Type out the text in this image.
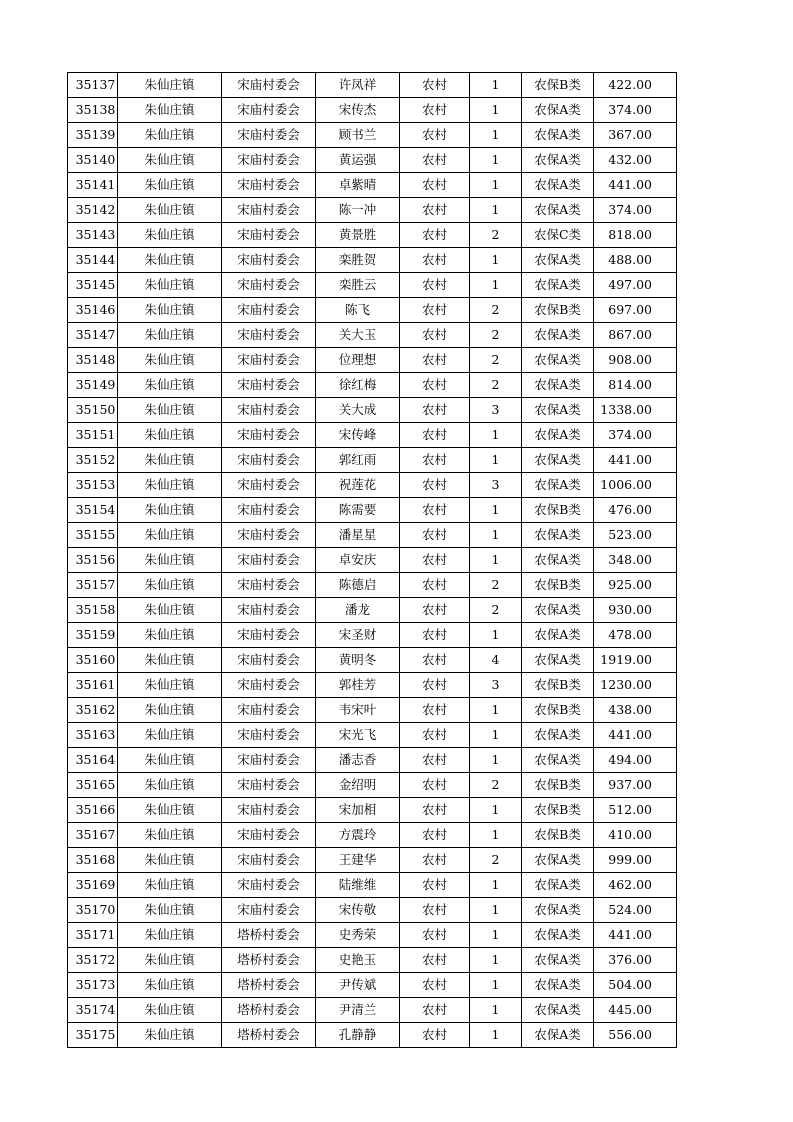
35137	朱仙庄镇	宋庙村委会	许凤祥	农村	1	农保B类	422.00
35138	朱仙庄镇	宋庙村委会	宋传杰	农村	1	农保A类	374.00
35139	朱仙庄镇	宋庙村委会	顾书兰	农村	1	农保A类	367.00
35140	朱仙庄镇	宋庙村委会	黄运强	农村	1	农保A类	432.00
35141	朱仙庄镇	宋庙村委会	卓紫晴	农村	1	农保A类	441.00
35142	朱仙庄镇	宋庙村委会	陈一冲	农村	1	农保A类	374.00
35143	朱仙庄镇	宋庙村委会	黄景胜	农村	2	农保C类	818.00
35144	朱仙庄镇	宋庙村委会	栾胜贺	农村	1	农保A类	488.00
35145	朱仙庄镇	宋庙村委会	栾胜云	农村	1	农保A类	497.00
35146	朱仙庄镇	宋庙村委会	陈飞	农村	2	农保B类	697.00
35147	朱仙庄镇	宋庙村委会	关大玉	农村	2	农保A类	867.00
35148	朱仙庄镇	宋庙村委会	位理想	农村	2	农保A类	908.00
35149	朱仙庄镇	宋庙村委会	徐红梅	农村	2	农保A类	814.00
35150	朱仙庄镇	宋庙村委会	关大成	农村	3	农保A类	1338.00
35151	朱仙庄镇	宋庙村委会	宋传峰	农村	1	农保A类	374.00
35152	朱仙庄镇	宋庙村委会	郭红雨	农村	1	农保A类	441.00
35153	朱仙庄镇	宋庙村委会	祝莲花	农村	3	农保A类	1006.00
35154	朱仙庄镇	宋庙村委会	陈需要	农村	1	农保B类	476.00
35155	朱仙庄镇	宋庙村委会	潘星星	农村	1	农保A类	523.00
35156	朱仙庄镇	宋庙村委会	卓安庆	农村	1	农保A类	348.00
35157	朱仙庄镇	宋庙村委会	陈德启	农村	2	农保B类	925.00
35158	朱仙庄镇	宋庙村委会	潘龙	农村	2	农保A类	930.00
35159	朱仙庄镇	宋庙村委会	宋圣财	农村	1	农保A类	478.00
35160	朱仙庄镇	宋庙村委会	黄明冬	农村	4	农保A类	1919.00
35161	朱仙庄镇	宋庙村委会	郭桂芳	农村	3	农保B类	1230.00
35162	朱仙庄镇	宋庙村委会	韦宋叶	农村	1	农保B类	438.00
35163	朱仙庄镇	宋庙村委会	宋光飞	农村	1	农保A类	441.00
35164	朱仙庄镇	宋庙村委会	潘志香	农村	1	农保A类	494.00
35165	朱仙庄镇	宋庙村委会	金绍明	农村	2	农保B类	937.00
35166	朱仙庄镇	宋庙村委会	宋加相	农村	1	农保B类	512.00
35167	朱仙庄镇	宋庙村委会	方震玲	农村	1	农保B类	410.00
35168	朱仙庄镇	宋庙村委会	王建华	农村	2	农保A类	999.00
35169	朱仙庄镇	宋庙村委会	陆维维	农村	1	农保A类	462.00
35170	朱仙庄镇	宋庙村委会	宋传敬	农村	1	农保A类	524.00
35171	朱仙庄镇	塔桥村委会	史秀荣	农村	1	农保A类	441.00
35172	朱仙庄镇	塔桥村委会	史艳玉	农村	1	农保A类	376.00
35173	朱仙庄镇	塔桥村委会	尹传斌	农村	1	农保A类	504.00
35174	朱仙庄镇	塔桥村委会	尹清兰	农村	1	农保A类	445.00
35175	朱仙庄镇	塔桥村委会	孔静静	农村	1	农保A类	556.00
